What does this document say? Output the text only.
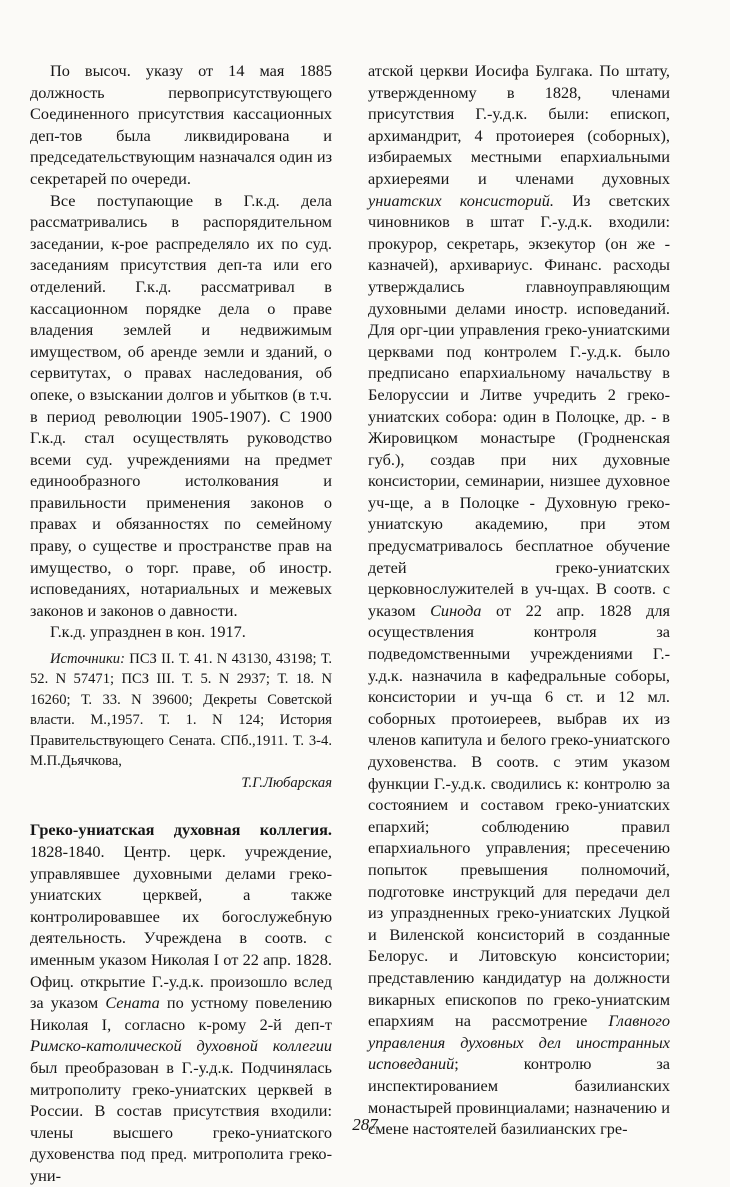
По высоч. указу от 14 мая 1885 должность первоприсутствующего Соединенного присутствия кассационных деп-тов была ликвидирована и председательствующим назначался один из секретарей по очереди.

Все поступающие в Г.к.д. дела рассматривались в распорядительном заседании, к-рое распределяло их по суд. заседаниям присутствия деп-та или его отделений. Г.к.д. рассматривал в кассационном порядке дела о праве владения землей и недвижимым имуществом, об аренде земли и зданий, о сервитутах, о правах наследования, об опеке, о взыскании долгов и убытков (в т.ч. в период революции 1905-1907). С 1900 Г.к.д. стал осуществлять руководство всеми суд. учреждениями на предмет единообразного истолкования и правильности применения законов о правах и обязанностях по семейному праву, о существе и пространстве прав на имущество, о торг. праве, об иностр. исповеданиях, нотариальных и межевых законов и законов о давности.

Г.к.д. упразднен в кон. 1917.

Источники: ПСЗ II. Т. 41. N 43130, 43198; Т. 52. N 57471; ПСЗ III. Т. 5. N 2937; Т. 18. N 16260; Т. 33. N 39600; Декреты Советской власти. М.,1957. Т. 1. N 124; История Правительствующего Сената. СПб.,1911. Т. 3-4. М.П.Дьячкова,

Т.Г.Любарская

Греко-униатская духовная коллегия. 1828-1840. Центр. церк. учреждение, управлявшее духовными делами греко-униатских церквей, а также контролировавшее их богослужебную деятельность. Учреждена в соотв. с именным указом Николая I от 22 апр. 1828. Офиц. открытие Г.-у.д.к. произошло вслед за указом Сената по устному повелению Николая I, согласно к-рому 2-й деп-т Римско-католической духовной коллегии был преобразован в Г.-у.д.к. Подчинялась митрополиту греко-униатских церквей в России. В состав присутствия входили: члены высшего греко-униатского духовенства под пред. митрополита греко-уни-

атской церкви Иосифа Булгака. По штату, утвержденному в 1828, членами присутствия Г.-у.д.к. были: епископ, архимандрит, 4 протоиерея (соборных), избираемых местными епархиальными архиереями и членами духовных униатских консисторий. Из светских чиновников в штат Г.-у.д.к. входили: прокурор, секретарь, экзекутор (он же - казначей), архивариус. Финанс. расходы утверждались главноуправляющим духовными делами иностр. исповеданий. Для орг-ции управления греко-униатскими церквами под контролем Г.-у.д.к. было предписано епархиальному начальству в Белоруссии и Литве учредить 2 греко-униатских собора: один в Полоцке, др. - в Жировицком монастыре (Гродненская губ.), создав при них духовные консистории, семинарии, низшее духовное уч-ще, а в Полоцке - Духовную греко-униатскую академию, при этом предусматривалось бесплатное обучение детей греко-униатских церковнослужителей в уч-щах. В соотв. с указом Синода от 22 апр. 1828 для осуществления контроля за подведомственными учреждениями Г.-у.д.к. назначила в кафедральные соборы, консистории и уч-ща 6 ст. и 12 мл. соборных протоиереев, выбрав их из членов капитула и белого греко-униатского духовенства. В соотв. с этим указом функции Г.-у.д.к. сводились к: контролю за состоянием и составом греко-униатских епархий; соблюдению правил епархиального управления; пресечению попыток превышения полномочий, подготовке инструкций для передачи дел из упраздненных греко-униатских Луцкой и Виленской консисторий в созданные Белорус. и Литовскую консистории; представлению кандидатур на должности викарных епископов по греко-униатским епархиям на рассмотрение Главного управления духовных дел иностранных исповеданий; контролю за инспектированием базилианских монастырей провинциалами; назначению и смене настоятелей базилианских гре-

287
